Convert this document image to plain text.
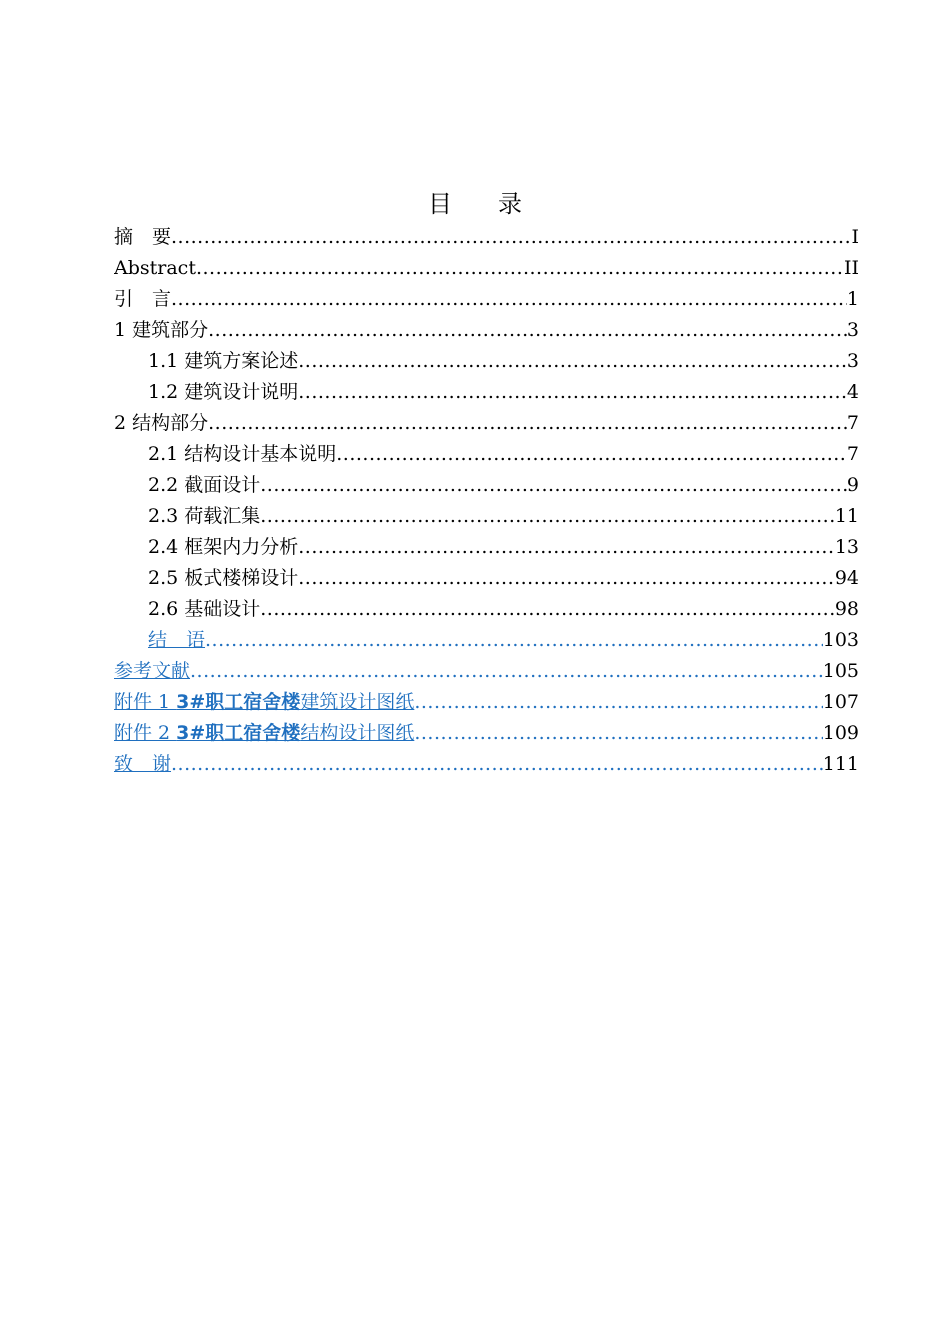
目 录
摘　要 .....	I
Abstract .....	II
引　言 .....	1
1 建筑部分 .....	3
1.1 建筑方案论述 .....	3
1.2 建筑设计说明 .....	4
2 结构部分 .....	7
2.1 结构设计基本说明 .....	7
2.2 截面设计 .....	9
2.3 荷载汇集 .....	11
2.4 框架内力分析 .....	13
2.5 板式楼梯设计 .....	94
2.6 基础设计 .....	98
结　语 .....	103
参考文献 .....	105
附件 1 3#职工宿舍楼建筑设计图纸 .....	107
附件 2 3#职工宿舍楼结构设计图纸 .....	109
致　谢 .....	111
